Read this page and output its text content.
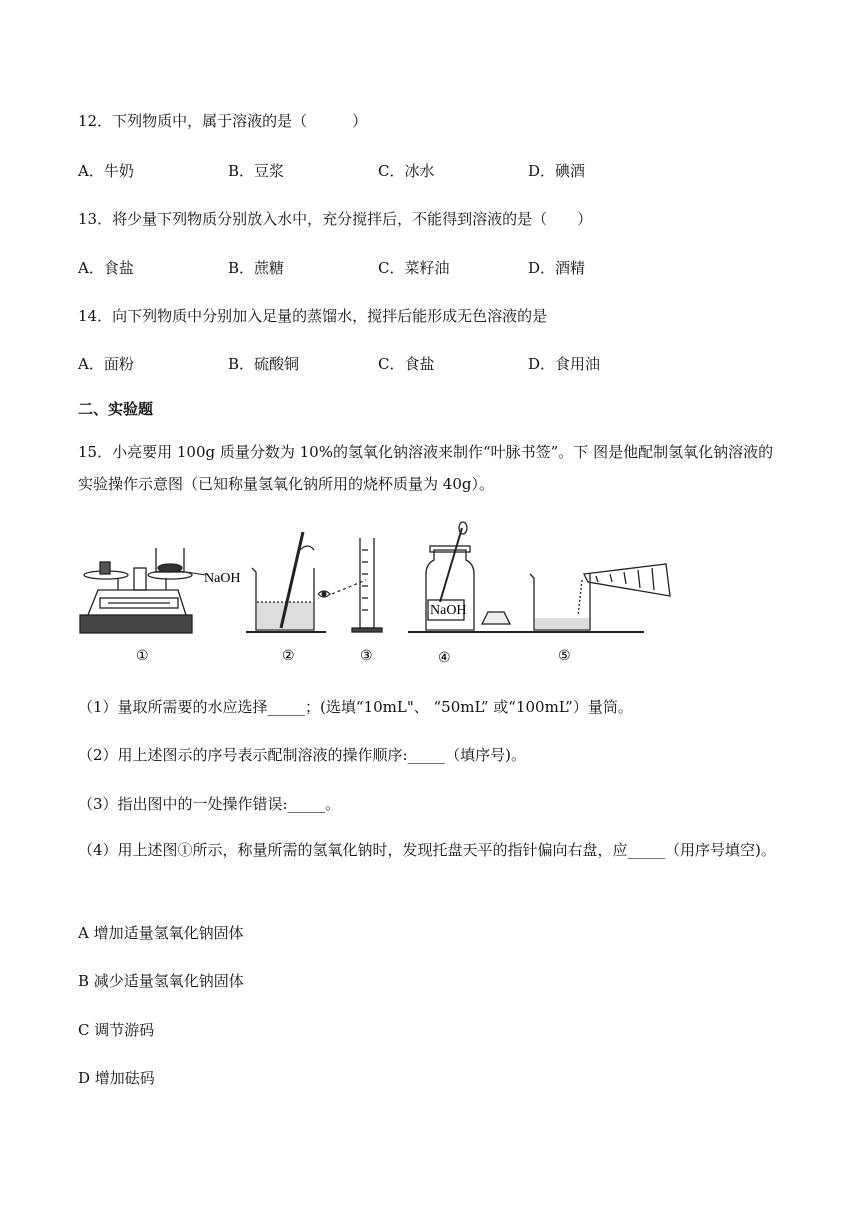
12．下列物质中，属于溶液的是（　　　）
A．牛奶	B．豆浆	C．冰水	D．碘酒
13．将少量下列物质分别放入水中，充分搅拌后，不能得到溶液的是（　　）
A．食盐	B．蔗糖	C．菜籽油	D．酒精
14．向下列物质中分别加入足量的蒸馏水，搅拌后能形成无色溶液的是
A．面粉	B．硫酸铜	C．食盐	D．食用油
二、实验题
15．小亮要用 100g 质量分数为 10%的氢氧化钠溶液来制作“叶脉书签”。下 图是他配制氢氧化钠溶液的实验操作示意图（已知称量氢氧化钠所用的烧杯质量为 40g）。
NaOH
NaOH
①	②	③	④	⑤
（1）量取所需要的水应选择_____；(选填“10mL"、 “50mL” 或“100mL”）量筒。
（2）用上述图示的序号表示配制溶液的操作顺序:_____（填序号)。
（3）指出图中的一处操作错误:_____。
（4）用上述图①所示，称量所需的氢氧化钠时，发现托盘天平的指针偏向右盘，应_____（用序号填空)。
A 增加适量氢氧化钠固体
B 减少适量氢氧化钠固体
C 调节游码
D 增加砝码
